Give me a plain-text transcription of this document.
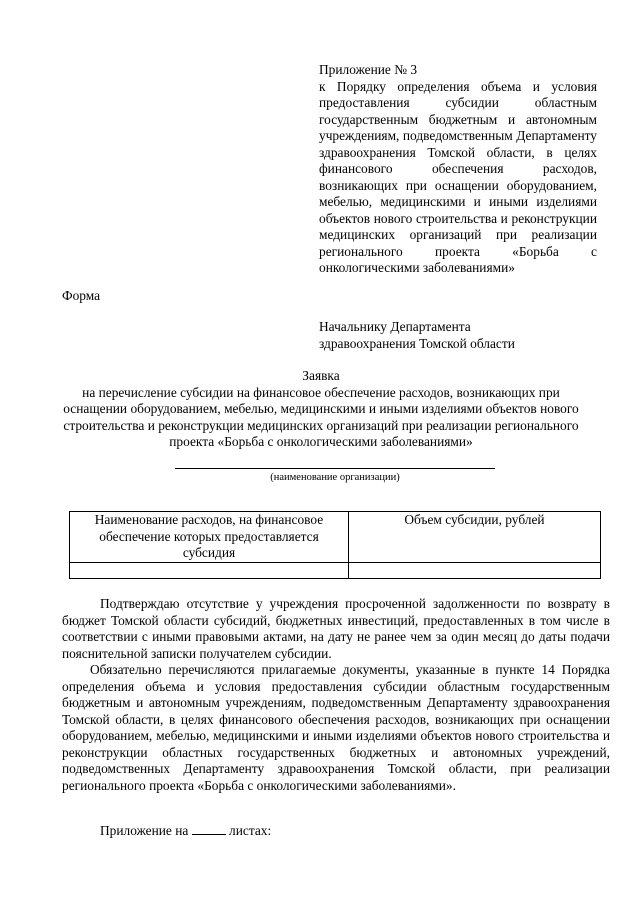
Приложение № 3
к Порядку определения объема и условия предоставления субсидии областным государственным бюджетным и автономным учреждениям, подведомственным Департаменту здравоохранения Томской области, в целях финансового обеспечения расходов, возникающих при оснащении оборудованием, мебелью, медицинскими и иными изделиями объектов нового строительства и реконструкции медицинских организаций при реализации регионального проекта «Борьба с онкологическими заболеваниями»
Форма
Начальнику Департамента
здравоохранения Томской области
Заявка
на перечисление субсидии на финансовое обеспечение расходов, возникающих при оснащении оборудованием, мебелью, медицинскими и иными изделиями объектов нового строительства и реконструкции медицинских организаций при реализации регионального проекта «Борьба с онкологическими заболеваниями»
(наименование организации)
Наименование расходов, на финансовое обеспечение которых предоставляется субсидия	Объем субсидии, рублей

Подтверждаю отсутствие у учреждения просроченной задолженности по возврату в бюджет Томской области субсидий, бюджетных инвестиций, предоставленных в том числе в соответствии с иными правовыми актами, на дату не ранее чем за один месяц до даты подачи пояснительной записки получателем субсидии.

Обязательно перечисляются прилагаемые документы, указанные в пункте 14 Порядка определения объема и условия предоставления субсидии областным государственным бюджетным и автономным учреждениям, подведомственным Департаменту здравоохранения Томской области, в целях финансового обеспечения расходов, возникающих при оснащении оборудованием, мебелью, медицинскими и иными изделиями объектов нового строительства и реконструкции областных государственных бюджетных и автономных учреждений, подведомственных Департаменту здравоохранения Томской области, при реализации регионального проекта «Борьба с онкологическими заболеваниями».

Приложение на	листах:
